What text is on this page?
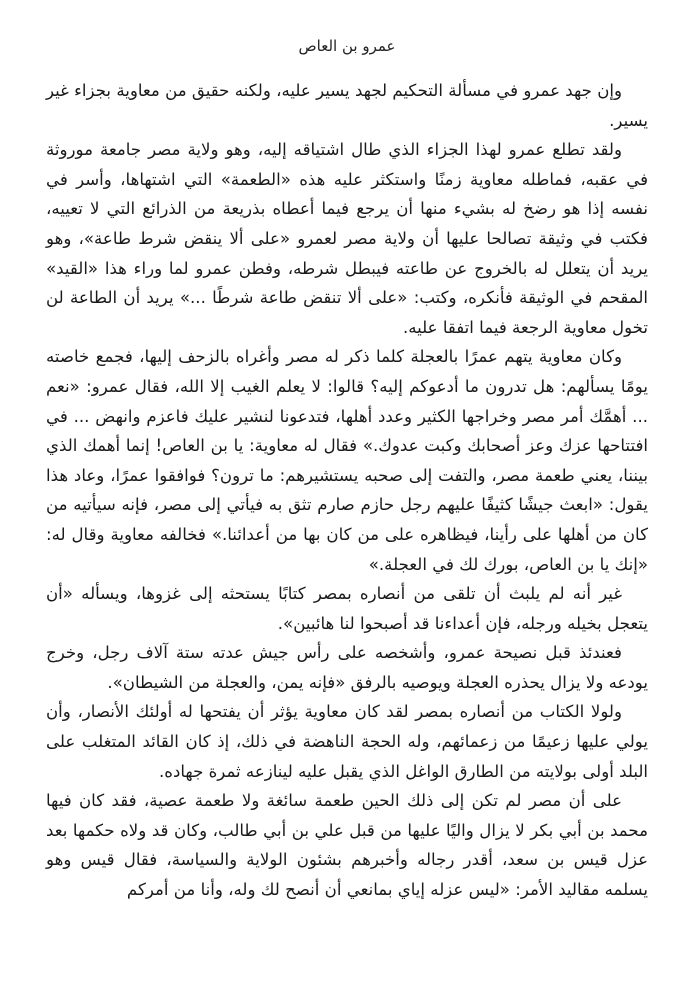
عمرو بن العاص

وإن جهد عمرو في مسألة التحكيم لجهد يسير عليه، ولكنه حقيق من معاوية بجزاء غير يسير.

ولقد تطلع عمرو لهذا الجزاء الذي طال اشتياقه إليه، وهو ولاية مصر جامعة موروثة في عقبه، فماطله معاوية زمنًا واستكثر عليه هذه «الطعمة» التي اشتهاها، وأسر في نفسه إذا هو رضخ له بشيء منها أن يرجع فيما أعطاه بذريعة من الذرائع التي لا تعييه، فكتب في وثيقة تصالحا عليها أن ولاية مصر لعمرو «على ألا ينقض شرط طاعة»، وهو يريد أن يتعلل له بالخروج عن طاعته فيبطل شرطه، وفطن عمرو لما وراء هذا «القيد» المقحم في الوثيقة فأنكره، وكتب: «على ألا تنقض طاعة شرطًا ...» يريد أن الطاعة لن تخول معاوية الرجعة فيما اتفقا عليه.

وكان معاوية يتهم عمرًا بالعجلة كلما ذكر له مصر وأغراه بالزحف إليها، فجمع خاصته يومًا يسألهم: هل تدرون ما أدعوكم إليه؟ قالوا: لا يعلم الغيب إلا الله، فقال عمرو: «نعم ... أهمَّك أمر مصر وخراجها الكثير وعدد أهلها، فتدعونا لنشير عليك فاعزم وانهض ... في افتتاحها عزك وعز أصحابك وكبت عدوك.» فقال له معاوية: يا بن العاص! إنما أهمك الذي بيننا، يعني طعمة مصر، والتفت إلى صحبه يستشيرهم: ما ترون؟ فوافقوا عمرًا، وعاد هذا يقول: «ابعث جيشًا كثيفًا عليهم رجل حازم صارم تثق به فيأتي إلى مصر، فإنه سيأتيه من كان من أهلها على رأينا، فيظاهره على من كان بها من أعدائنا.» فخالفه معاوية وقال له: «إنك يا بن العاص، بورك لك في العجلة.»

غير أنه لم يلبث أن تلقى من أنصاره بمصر كتابًا يستحثه إلى غزوها، ويسأله «أن يتعجل بخيله ورجله، فإن أعداءنا قد أصبحوا لنا هائبين».

فعندئذ قبل نصيحة عمرو، وأشخصه على رأس جيش عدته ستة آلاف رجل، وخرج يودعه ولا يزال يحذره العجلة ويوصيه بالرفق «فإنه يمن، والعجلة من الشيطان».

ولولا الكتاب من أنصاره بمصر لقد كان معاوية يؤثر أن يفتحها له أولئك الأنصار، وأن يولي عليها زعيمًا من زعمائهم، وله الحجة الناهضة في ذلك، إذ كان القائد المتغلب على البلد أولى بولايته من الطارق الواغل الذي يقبل عليه لينازعه ثمرة جهاده.

على أن مصر لم تكن إلى ذلك الحين طعمة سائغة ولا طعمة عصية، فقد كان فيها محمد بن أبي بكر لا يزال واليًا عليها من قبل علي بن أبي طالب، وكان قد ولاه حكمها بعد عزل قيس بن سعد، أقدر رجاله وأخبرهم بشئون الولاية والسياسة، فقال قيس وهو يسلمه مقاليد الأمر: «ليس عزله إياي بمانعي أن أنصح لك وله، وأنا من أمركم
